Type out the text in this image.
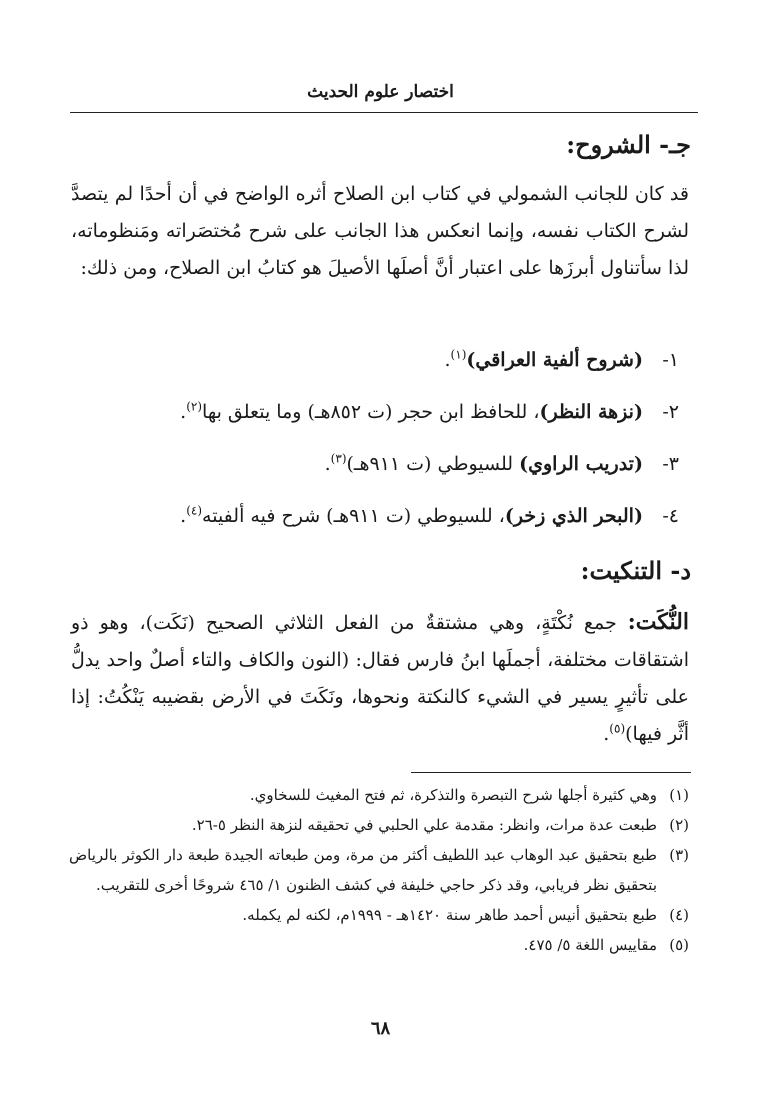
اختصار علوم الحديث
جـ- الشروح:

قد كان للجانب الشمولي في كتاب ابن الصلاح أثره الواضح في أن أحدًا لم يتصدَّ لشرح الكتاب نفسه، وإنما انعكس هذا الجانب على شرح مُختصَراته ومَنظوماته، لذا سأتناول أبرزَها على اعتبار أنَّ أصلَها الأصيلَ هو كتابُ ابن الصلاح، ومن ذلك:

١- (شروح ألفية العراقي)$^{(١)}$.
٢- (نزهة النظر)، للحافظ ابن حجر (ت ٨٥٢هـ) وما يتعلق بها$^{(٢)}$.
٣- (تدريب الراوي) للسيوطي (ت ٩١١هـ)$^{(٣)}$.
٤- (البحر الذي زخر)، للسيوطي (ت ٩١١هـ) شرح فيه ألفيته$^{(٤)}$.
د- التنكيت:

النُّكَت: جمع نُكْتَةٍ، وهي مشتقةٌ من الفعل الثلاثي الصحيح (نَكَت)، وهو ذو اشتقاقات مختلفة، أجملَها ابنُ فارس فقال: (النون والكاف والتاء أصلٌ واحد يدلُّ على تأثيرٍ يسير في الشيء كالنكتة ونحوها، ونَكَتَ في الأرض بقضيبه يَنْكُتُ: إذا أثَّر فيها)$^{(٥)}$.

(١)
وهي كثيرة أجلها شرح التبصرة والتذكرة، ثم فتح المغيث للسخاوي.
(٢)
طبعت عدة مرات، وانظر: مقدمة علي الحلبي في تحقيقه لنزهة النظر ٥-٢٦.
(٣)
طبع بتحقيق عبد الوهاب عبد اللطيف أكثر من مرة، ومن طبعاته الجيدة طبعة دار الكوثر بالرياض بتحقيق نظر فريابي، وقد ذكر حاجي خليفة في كشف الظنون ١/ ٤٦٥ شروحًا أخرى للتقريب.
(٤)
طبع بتحقيق أنيس أحمد طاهر سنة ١٤٢٠هـ - ١٩٩٩م، لكنه لم يكمله.
(٥)
مقاييس اللغة ٥/ ٤٧٥.
٦٨
